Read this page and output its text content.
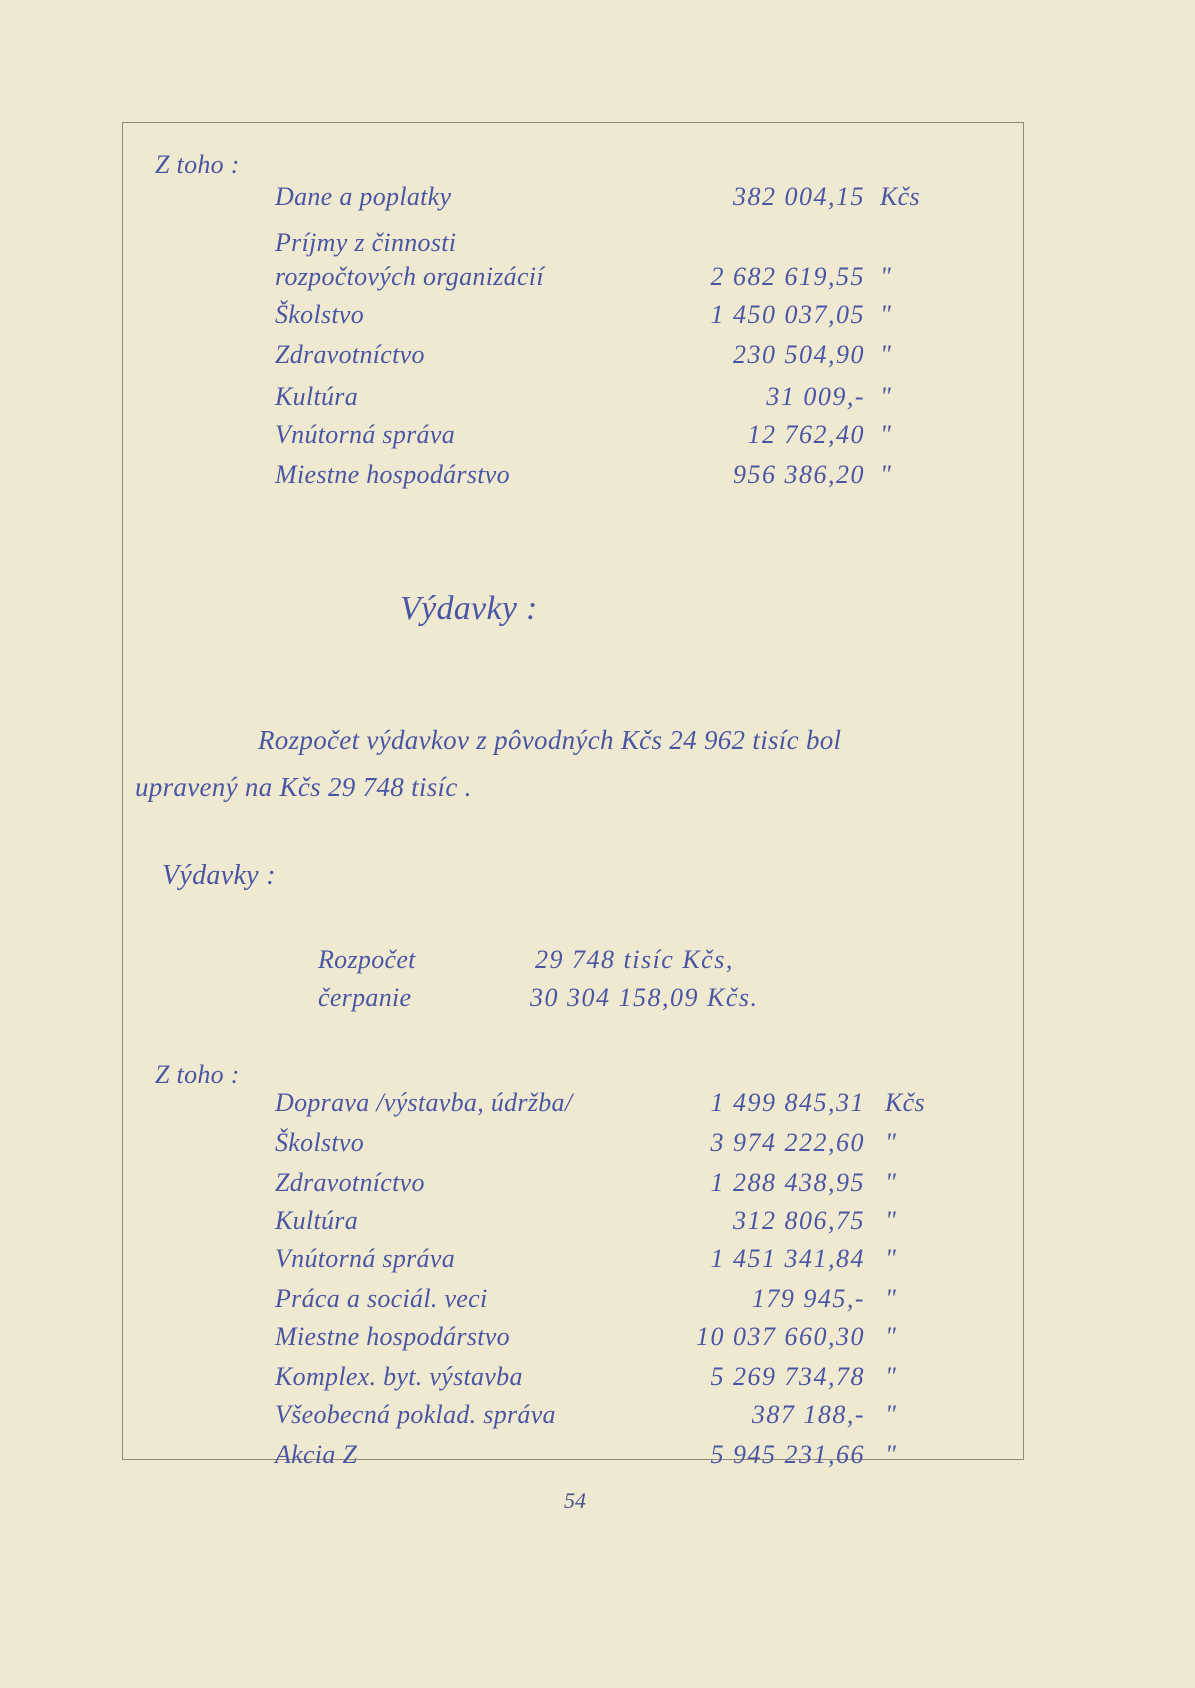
Z toho :
Dane a poplatky	382 004,15 Kčs
Príjmy z činnosti
rozpočtových organizácií	2 682 619,55 "
Školstvo	1 450 037,05 "
Zdravotníctvo	230 504,90 "
Kultúra	31 009,- "
Vnútorná správa	12 762,40 "
Miestne hospodárstvo	956 386,20 "
Výdavky :
Rozpočet výdavkov z pôvodných Kčs 24 962 tisíc bol
upravený na Kčs 29 748 tisíc .
Výdavky :
Rozpočet	29 748 tisíc Kčs,
čerpanie	30 304 158,09 Kčs.
Z toho :
Doprava /výstavba, údržba/	1 499 845,31 Kčs
Školstvo	3 974 222,60 "
Zdravotníctvo	1 288 438,95 "
Kultúra	312 806,75 "
Vnútorná správa	1 451 341,84 "
Práca a sociál. veci	179 945,- "
Miestne hospodárstvo	10 037 660,30 "
Komplex. byt. výstavba	5 269 734,78 "
Všeobecná poklad. správa	387 188,- "
Akcia Z	5 945 231,66 "
54
